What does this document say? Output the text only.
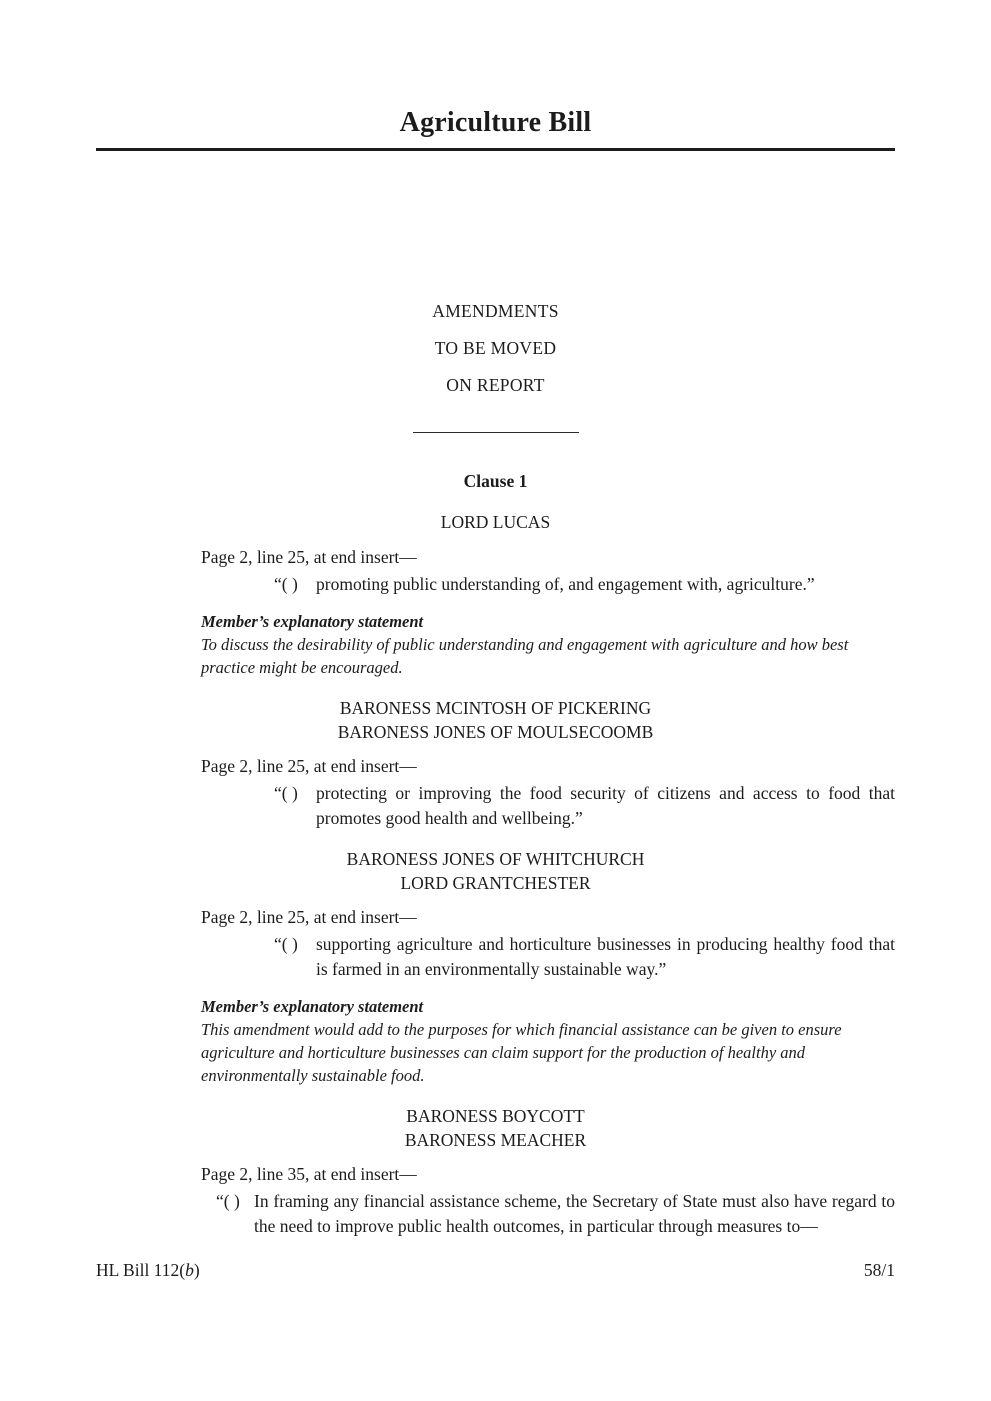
Agriculture Bill
AMENDMENTS
TO BE MOVED
ON REPORT
Clause 1
LORD LUCAS
Page 2, line 25, at end insert—
“( )	promoting public understanding of, and engagement with, agriculture.”
Member’s explanatory statement
To discuss the desirability of public understanding and engagement with agriculture and how best practice might be encouraged.
BARONESS MCINTOSH OF PICKERING
BARONESS JONES OF MOULSECOOMB
Page 2, line 25, at end insert—
“( )	protecting or improving the food security of citizens and access to food that promotes good health and wellbeing.”
BARONESS JONES OF WHITCHURCH
LORD GRANTCHESTER
Page 2, line 25, at end insert—
“( )	supporting agriculture and horticulture businesses in producing healthy food that is farmed in an environmentally sustainable way.”
Member’s explanatory statement
This amendment would add to the purposes for which financial assistance can be given to ensure agriculture and horticulture businesses can claim support for the production of healthy and environmentally sustainable food.
BARONESS BOYCOTT
BARONESS MEACHER
Page 2, line 35, at end insert—
“( ) In framing any financial assistance scheme, the Secretary of State must also have regard to the need to improve public health outcomes, in particular through measures to—
HL Bill 112(b)	58/1
